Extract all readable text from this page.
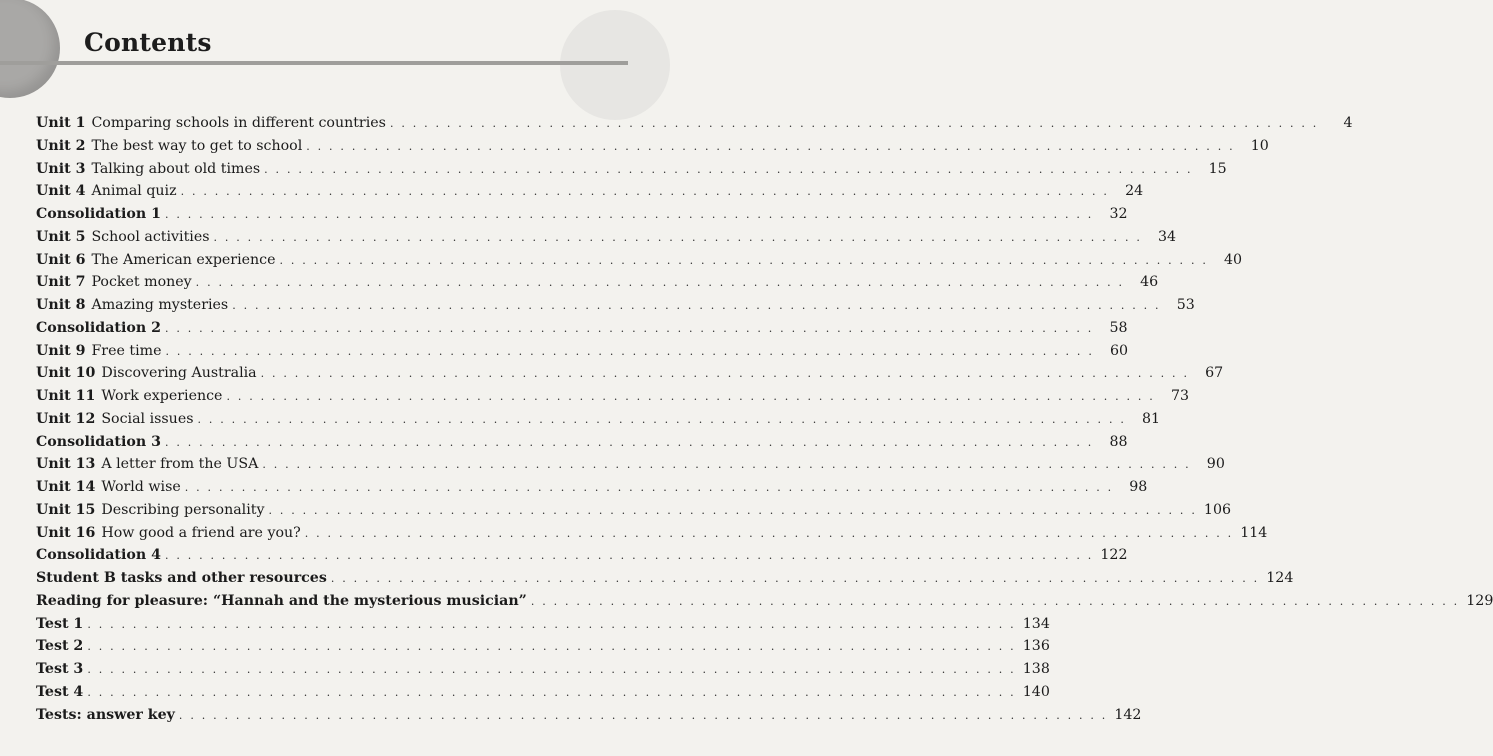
Contents
Unit 1 Comparing schools in different countries . . . . . . . . . . . . . . . . . . . . . . . . . . . . . . . . . . . . . . . . . . . . . . . . . . . . . . . . . . . . . . . . . . . . . . . . . . . . . . . . . .	4
Unit 2 The best way to get to school . . . . . . . . . . . . . . . . . . . . . . . . . . . . . . . . . . . . . . . . . . . . . . . . . . . . . . . . . . . . . . . . . . . . . . . . . . . . . . . . . .	10
Unit 3 Talking about old times . . . . . . . . . . . . . . . . . . . . . . . . . . . . . . . . . . . . . . . . . . . . . . . . . . . . . . . . . . . . . . . . . . . . . . . . . . . . . . . . . .	15
Unit 4 Animal quiz . . . . . . . . . . . . . . . . . . . . . . . . . . . . . . . . . . . . . . . . . . . . . . . . . . . . . . . . . . . . . . . . . . . . . . . . . . . . . . . . . .	24
Consolidation 1 . . . . . . . . . . . . . . . . . . . . . . . . . . . . . . . . . . . . . . . . . . . . . . . . . . . . . . . . . . . . . . . . . . . . . . . . . . . . . . . . . .	32
Unit 5 School activities . . . . . . . . . . . . . . . . . . . . . . . . . . . . . . . . . . . . . . . . . . . . . . . . . . . . . . . . . . . . . . . . . . . . . . . . . . . . . . . . . .	34
Unit 6 The American experience . . . . . . . . . . . . . . . . . . . . . . . . . . . . . . . . . . . . . . . . . . . . . . . . . . . . . . . . . . . . . . . . . . . . . . . . . . . . . . . . . .	40
Unit 7 Pocket money . . . . . . . . . . . . . . . . . . . . . . . . . . . . . . . . . . . . . . . . . . . . . . . . . . . . . . . . . . . . . . . . . . . . . . . . . . . . . . . . . .	46
Unit 8 Amazing mysteries . . . . . . . . . . . . . . . . . . . . . . . . . . . . . . . . . . . . . . . . . . . . . . . . . . . . . . . . . . . . . . . . . . . . . . . . . . . . . . . . . .	53
Consolidation 2 . . . . . . . . . . . . . . . . . . . . . . . . . . . . . . . . . . . . . . . . . . . . . . . . . . . . . . . . . . . . . . . . . . . . . . . . . . . . . . . . . .	58
Unit 9 Free time . . . . . . . . . . . . . . . . . . . . . . . . . . . . . . . . . . . . . . . . . . . . . . . . . . . . . . . . . . . . . . . . . . . . . . . . . . . . . . . . . .	60
Unit 10 Discovering Australia . . . . . . . . . . . . . . . . . . . . . . . . . . . . . . . . . . . . . . . . . . . . . . . . . . . . . . . . . . . . . . . . . . . . . . . . . . . . . . . . . .	67
Unit 11 Work experience . . . . . . . . . . . . . . . . . . . . . . . . . . . . . . . . . . . . . . . . . . . . . . . . . . . . . . . . . . . . . . . . . . . . . . . . . . . . . . . . . .	73
Unit 12 Social issues . . . . . . . . . . . . . . . . . . . . . . . . . . . . . . . . . . . . . . . . . . . . . . . . . . . . . . . . . . . . . . . . . . . . . . . . . . . . . . . . . .	81
Consolidation 3 . . . . . . . . . . . . . . . . . . . . . . . . . . . . . . . . . . . . . . . . . . . . . . . . . . . . . . . . . . . . . . . . . . . . . . . . . . . . . . . . . .	88
Unit 13 A letter from the USA . . . . . . . . . . . . . . . . . . . . . . . . . . . . . . . . . . . . . . . . . . . . . . . . . . . . . . . . . . . . . . . . . . . . . . . . . . . . . . . . . .	90
Unit 14 World wise . . . . . . . . . . . . . . . . . . . . . . . . . . . . . . . . . . . . . . . . . . . . . . . . . . . . . . . . . . . . . . . . . . . . . . . . . . . . . . . . . .	98
Unit 15 Describing personality . . . . . . . . . . . . . . . . . . . . . . . . . . . . . . . . . . . . . . . . . . . . . . . . . . . . . . . . . . . . . . . . . . . . . . . . . . . . . . . . . . 106
Unit 16 How good a friend are you? . . . . . . . . . . . . . . . . . . . . . . . . . . . . . . . . . . . . . . . . . . . . . . . . . . . . . . . . . . . . . . . . . . . . . . . . . . . . . . . . . . 114
Consolidation 4 . . . . . . . . . . . . . . . . . . . . . . . . . . . . . . . . . . . . . . . . . . . . . . . . . . . . . . . . . . . . . . . . . . . . . . . . . . . . . . . . . . 122
Student B tasks and other resources . . . . . . . . . . . . . . . . . . . . . . . . . . . . . . . . . . . . . . . . . . . . . . . . . . . . . . . . . . . . . . . . . . . . . . . . . . . . . . . . . . 124
Reading for pleasure: “Hannah and the mysterious musician” . . . . . . . . . . . . . . . . . . . . . . . . . . . . . . . . . . . . . . . . . . . . . . . . . . . . . . . . . . . . . . . . . . . . . . . . . . . . . . . . . . 129
Test 1 . . . . . . . . . . . . . . . . . . . . . . . . . . . . . . . . . . . . . . . . . . . . . . . . . . . . . . . . . . . . . . . . . . . . . . . . . . . . . . . . . . 134
Test 2 . . . . . . . . . . . . . . . . . . . . . . . . . . . . . . . . . . . . . . . . . . . . . . . . . . . . . . . . . . . . . . . . . . . . . . . . . . . . . . . . . . 136
Test 3 . . . . . . . . . . . . . . . . . . . . . . . . . . . . . . . . . . . . . . . . . . . . . . . . . . . . . . . . . . . . . . . . . . . . . . . . . . . . . . . . . . 138
Test 4 . . . . . . . . . . . . . . . . . . . . . . . . . . . . . . . . . . . . . . . . . . . . . . . . . . . . . . . . . . . . . . . . . . . . . . . . . . . . . . . . . . 140
Tests: answer key . . . . . . . . . . . . . . . . . . . . . . . . . . . . . . . . . . . . . . . . . . . . . . . . . . . . . . . . . . . . . . . . . . . . . . . . . . . . . . . . . . 142
